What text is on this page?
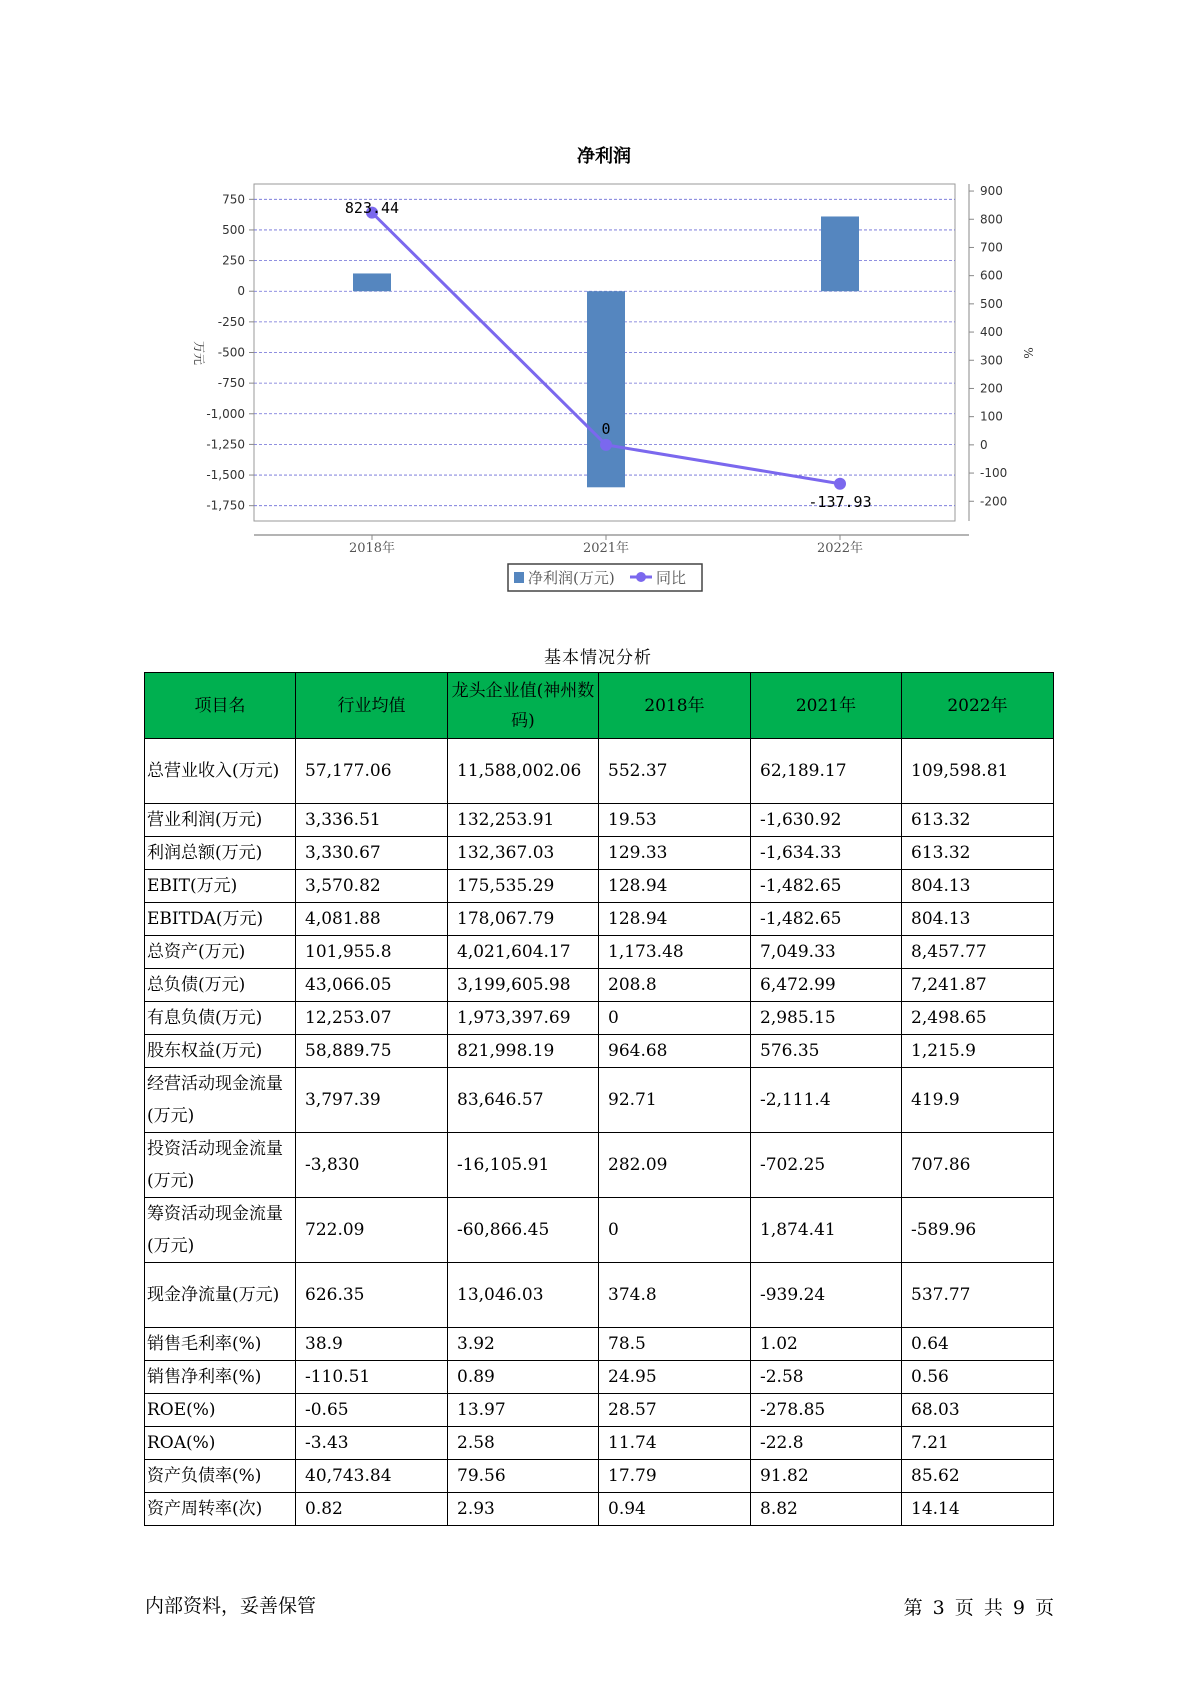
净利润
750
500
250
0
-250
-500
-750
-1,000
-1,250
-1,500
-1,750
900
800
700
600
500
400
300
200
100
0
-100
-200
2018年	2021年	2022年
万元	%
823.44
0
-137.93
净利润(万元)	同比
基本情况分析
项目名	行业均值	龙头企业值(神州数码)	2018年	2021年	2022年
总营业收入(万元)	57,177.06	11,588,002.06	552.37	62,189.17	109,598.81
营业利润(万元)	3,336.51	132,253.91	19.53	-1,630.92	613.32
利润总额(万元)	3,330.67	132,367.03	129.33	-1,634.33	613.32
EBIT(万元)	3,570.82	175,535.29	128.94	-1,482.65	804.13
EBITDA(万元)	4,081.88	178,067.79	128.94	-1,482.65	804.13
总资产(万元)	101,955.8	4,021,604.17	1,173.48	7,049.33	8,457.77
总负债(万元)	43,066.05	3,199,605.98	208.8	6,472.99	7,241.87
有息负债(万元)	12,253.07	1,973,397.69	0	2,985.15	2,498.65
股东权益(万元)	58,889.75	821,998.19	964.68	576.35	1,215.9
经营活动现金流量(万元)	3,797.39	83,646.57	92.71	-2,111.4	419.9
投资活动现金流量(万元)	-3,830	-16,105.91	282.09	-702.25	707.86
筹资活动现金流量(万元)	722.09	-60,866.45	0	1,874.41	-589.96
现金净流量(万元)	626.35	13,046.03	374.8	-939.24	537.77
销售毛利率(%)	38.9	3.92	78.5	1.02	0.64
销售净利率(%)	-110.51	0.89	24.95	-2.58	0.56
ROE(%)	-0.65	13.97	28.57	-278.85	68.03
ROA(%)	-3.43	2.58	11.74	-22.8	7.21
资产负债率(%)	40,743.84	79.56	17.79	91.82	85.62
资产周转率(次)	0.82	2.93	0.94	8.82	14.14
内部资料，妥善保管	第 3 页 共 9 页
